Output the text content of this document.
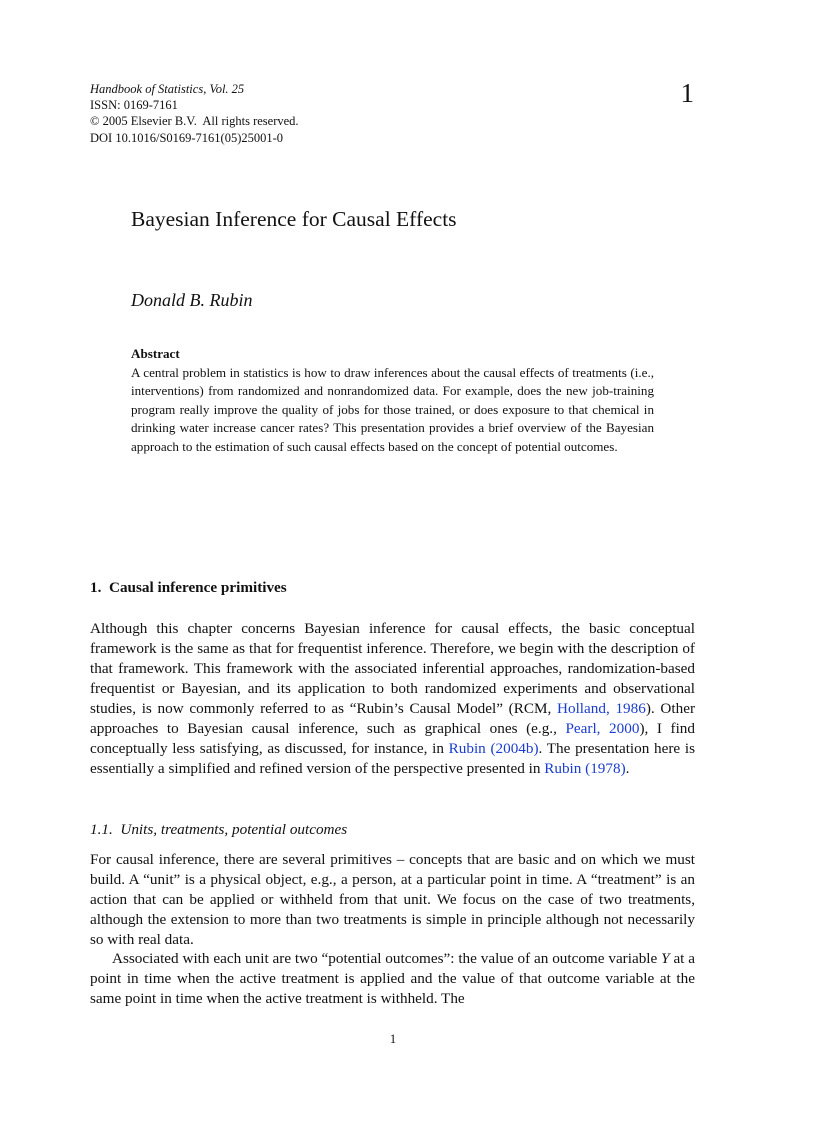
Handbook of Statistics, Vol. 25
ISSN: 0169-7161
© 2005 Elsevier B.V.  All rights reserved.
DOI 10.1016/S0169-7161(05)25001-0
1
Bayesian Inference for Causal Effects
Donald B. Rubin
Abstract
A central problem in statistics is how to draw inferences about the causal effects of treatments (i.e., interventions) from randomized and nonrandomized data. For example, does the new job-training program really improve the quality of jobs for those trained, or does exposure to that chemical in drinking water increase cancer rates? This presentation provides a brief overview of the Bayesian approach to the estimation of such causal effects based on the concept of potential outcomes.
1.  Causal inference primitives

Although this chapter concerns Bayesian inference for causal effects, the basic conceptual framework is the same as that for frequentist inference. Therefore, we begin with the description of that framework. This framework with the associated inferential approaches, randomization-based frequentist or Bayesian, and its application to both randomized experiments and observational studies, is now commonly referred to as “Rubin’s Causal Model” (RCM, Holland, 1986). Other approaches to Bayesian causal inference, such as graphical ones (e.g., Pearl, 2000), I find conceptually less satisfying, as discussed, for instance, in Rubin (2004b). The presentation here is essentially a simplified and refined version of the perspective presented in Rubin (1978).

1.1.  Units, treatments, potential outcomes

For causal inference, there are several primitives – concepts that are basic and on which we must build. A “unit” is a physical object, e.g., a person, at a particular point in time. A “treatment” is an action that can be applied or withheld from that unit. We focus on the case of two treatments, although the extension to more than two treatments is simple in principle although not necessarily so with real data.

Associated with each unit are two “potential outcomes”: the value of an outcome variable Y at a point in time when the active treatment is applied and the value of that outcome variable at the same point in time when the active treatment is withheld. The

1
